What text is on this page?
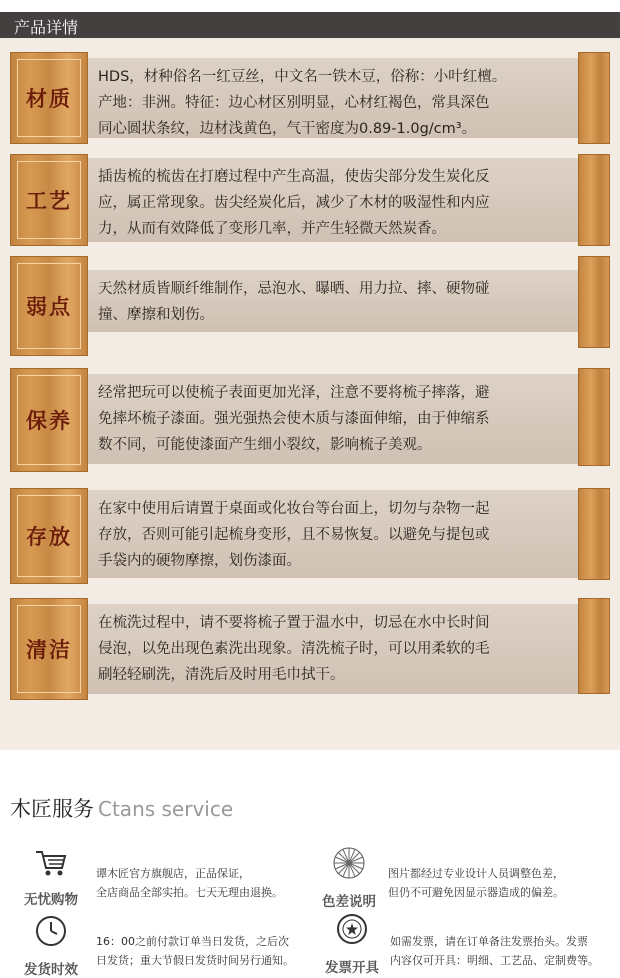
产品详情
材质

HDS，材种俗名一红豆丝，中文名一铁木豆，俗称：小叶红檀。

产地：非洲。特征：边心材区别明显，心材红褐色，常具深色

同心圆状条纹，边材浅黄色，气干密度为0.89-1.0g/cm³。

工艺

插齿梳的梳齿在打磨过程中产生高温，使齿尖部分发生炭化反

应，属正常现象。齿尖经炭化后，减少了木材的吸湿性和内应

力，从而有效降低了变形几率，并产生轻微天然炭香。

弱点

天然材质皆顺纤维制作，忌泡水、曝晒、用力拉、摔、硬物碰

撞、摩擦和划伤。

保养

经常把玩可以使梳子表面更加光泽，注意不要将梳子摔落，避

免摔坏梳子漆面。强光强热会使木质与漆面伸缩，由于伸缩系

数不同，可能使漆面产生细小裂纹，影响梳子美观。

存放

在家中使用后请置于桌面或化妆台等台面上，切勿与杂物一起

存放，否则可能引起梳身变形，且不易恢复。以避免与提包或

手袋内的硬物摩擦，划伤漆面。

清洁

在梳洗过程中，请不要将梳子置于温水中，切忌在水中长时间

侵泡，以免出现色素洗出现象。清洗梳子时，可以用柔软的毛

刷轻轻刷洗，清洗后及时用毛巾拭干。

木匠服务 Ctans service
无忧购物
谭木匠官方旗舰店，正品保证，
全店商品全部实拍。七天无理由退换。
色差说明
图片都经过专业设计人员调整色差，
但仍不可避免因显示器造成的偏差。
发货时效
16：00之前付款订单当日发货，之后次
日发货；重大节假日发货时间另行通知。	发票开具
如需发票，请在订单备注发票抬头。发票
内容仅可开具：明细、工艺品、定制费等。
